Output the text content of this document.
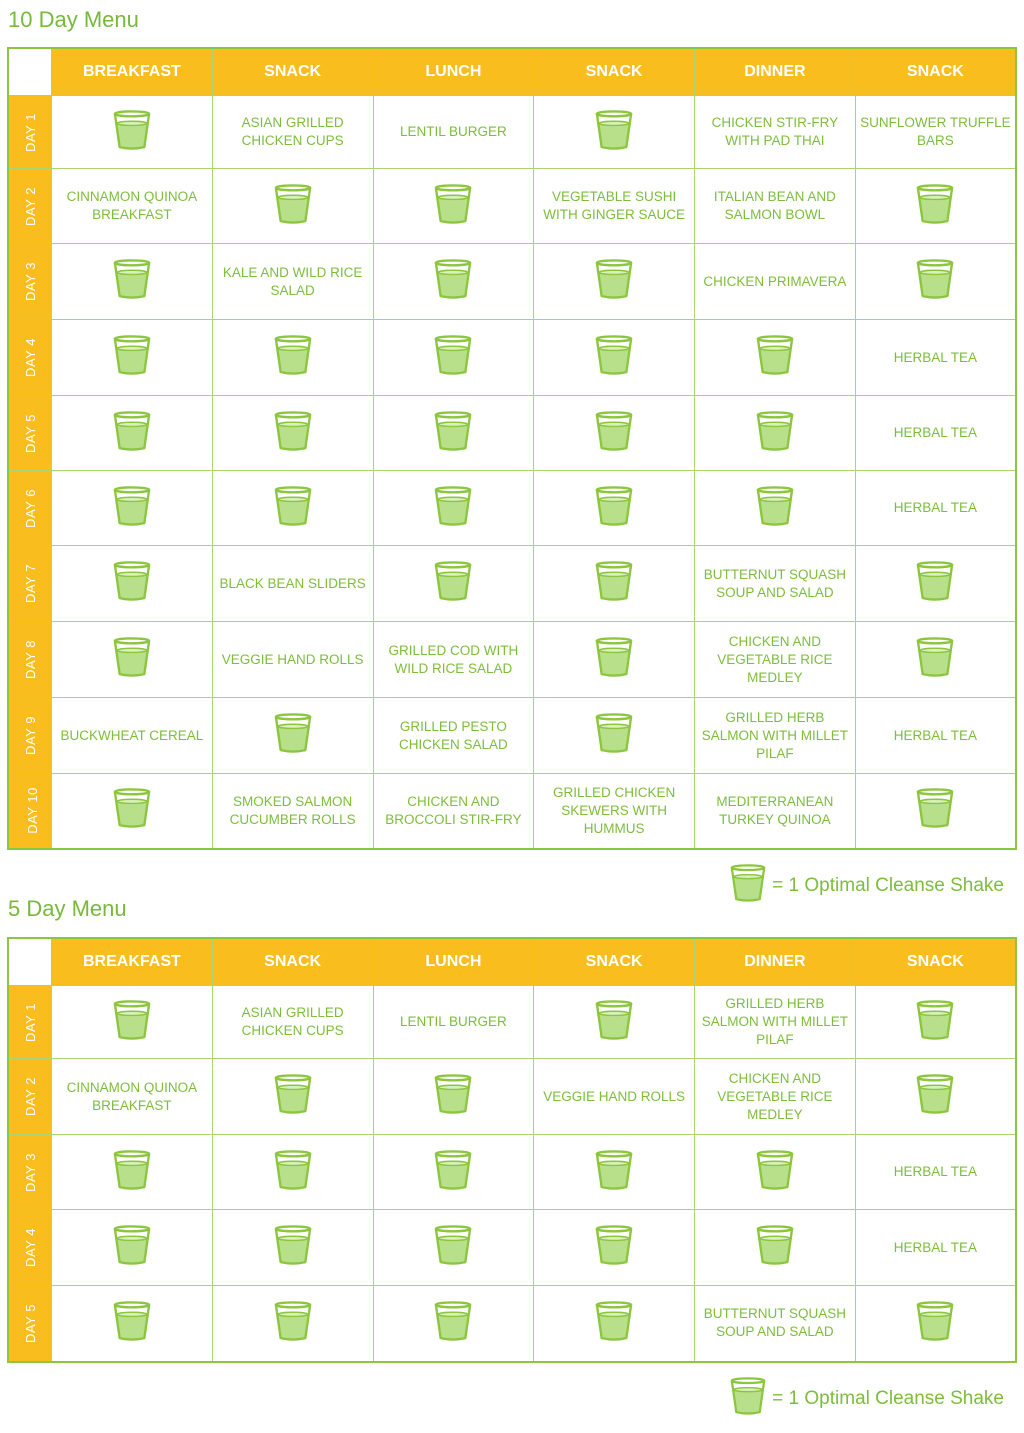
10 Day Menu
	BREAKFAST	SNACK	LUNCH	SNACK	DINNER	SNACK
DAY 1		ASIAN GRILLED CHICKEN CUPS	LENTIL BURGER		CHICKEN STIR-FRY WITH PAD THAI	SUNFLOWER TRUFFLE BARS
DAY 2	CINNAMON QUINOA BREAKFAST			VEGETABLE SUSHI WITH GINGER SAUCE	ITALIAN BEAN AND SALMON BOWL	
DAY 3		KALE AND WILD RICE SALAD			CHICKEN PRIMAVERA	
DAY 4						HERBAL TEA
DAY 5						HERBAL TEA
DAY 6						HERBAL TEA
DAY 7		BLACK BEAN SLIDERS			BUTTERNUT SQUASH SOUP AND SALAD	
DAY 8		VEGGIE HAND ROLLS	GRILLED COD WITH WILD RICE SALAD		CHICKEN AND VEGETABLE RICE MEDLEY	
DAY 9	BUCKWHEAT CEREAL		GRILLED PESTO CHICKEN SALAD		GRILLED HERB SALMON WITH MILLET PILAF	HERBAL TEA
DAY 10		SMOKED SALMON CUCUMBER ROLLS	CHICKEN AND BROCCOLI STIR-FRY	GRILLED CHICKEN SKEWERS WITH HUMMUS	MEDITERRANEAN TURKEY QUINOA	
= 1 Optimal Cleanse Shake
5 Day Menu
	BREAKFAST	SNACK	LUNCH	SNACK	DINNER	SNACK
DAY 1		ASIAN GRILLED CHICKEN CUPS	LENTIL BURGER		GRILLED HERB SALMON WITH MILLET PILAF	
DAY 2	CINNAMON QUINOA BREAKFAST			VEGGIE HAND ROLLS	CHICKEN AND VEGETABLE RICE MEDLEY	
DAY 3						HERBAL TEA
DAY 4						HERBAL TEA
DAY 5					BUTTERNUT SQUASH SOUP AND SALAD	
= 1 Optimal Cleanse Shake
